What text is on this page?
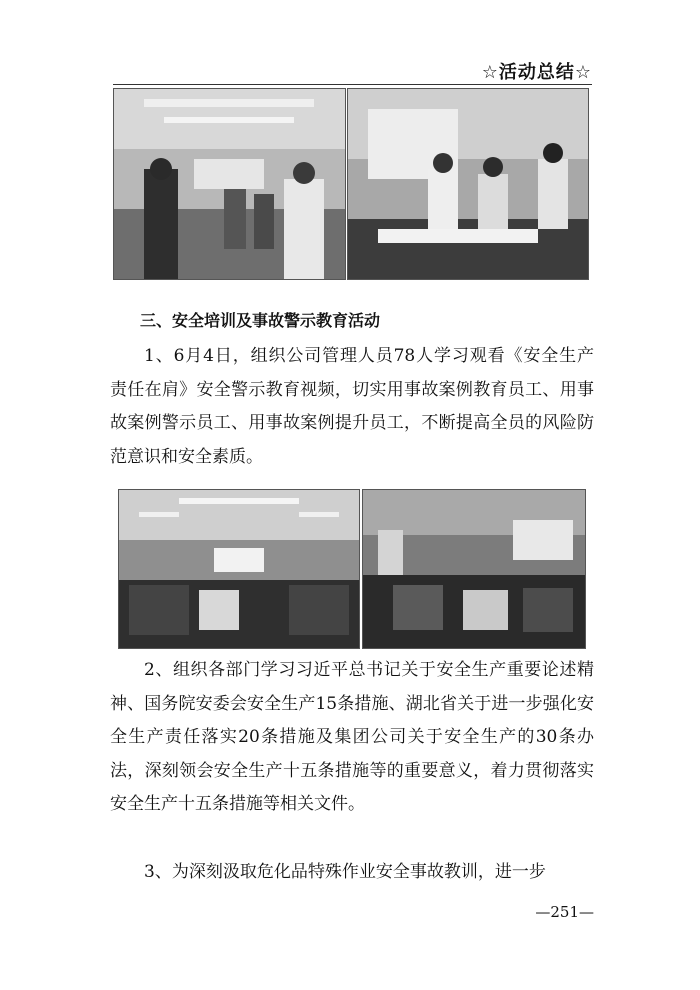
☆活动总结☆
三、安全培训及事故警示教育活动

1、6月4日，组织公司管理人员78人学习观看《安全生产　责任在肩》安全警示教育视频，切实用事故案例教育员工、用事故案例警示员工、用事故案例提升员工，不断提高全员的风险防范意识和安全素质。

2、组织各部门学习习近平总书记关于安全生产重要论述精神、国务院安委会安全生产15条措施、湖北省关于进一步强化安全生产责任落实20条措施及集团公司关于安全生产的30条办法，深刻领会安全生产十五条措施等的重要意义，着力贯彻落实安全生产十五条措施等相关文件。

3、为深刻汲取危化品特殊作业安全事故教训，进一步

—251—
